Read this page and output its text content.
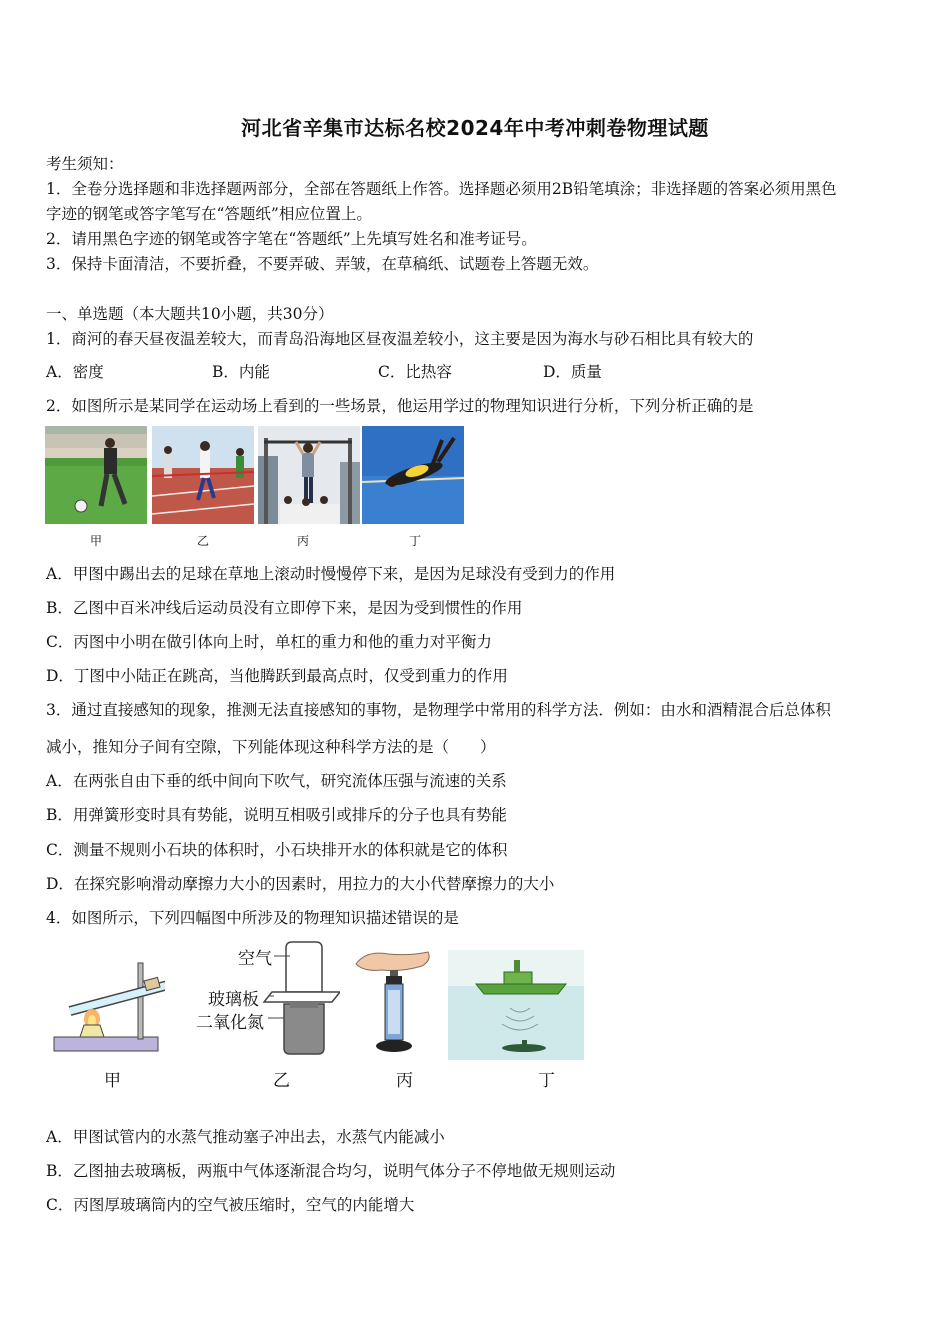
河北省辛集市达标名校2024年中考冲刺卷物理试题
考生须知：
1．全卷分选择题和非选择题两部分，全部在答题纸上作答。选择题必须用2B铅笔填涂；非选择题的答案必须用黑色
字迹的钢笔或答字笔写在“答题纸”相应位置上。
2．请用黑色字迹的钢笔或答字笔在“答题纸”上先填写姓名和准考证号。
3．保持卡面清洁，不要折叠，不要弄破、弄皱，在草稿纸、试题卷上答题无效。
一、单选题（本大题共10小题，共30分）
1．商河的春天昼夜温差较大，而青岛沿海地区昼夜温差较小，这主要是因为海水与砂石相比具有较大的
A．密度	B．内能	C．比热容	D．质量
2．如图所示是某同学在运动场上看到的一些场景，他运用学过的物理知识进行分析，下列分析正确的是
甲	乙	丙	丁
A．甲图中踢出去的足球在草地上滚动时慢慢停下来，是因为足球没有受到力的作用
B．乙图中百米冲线后运动员没有立即停下来，是因为受到惯性的作用
C．丙图中小明在做引体向上时，单杠的重力和他的重力对平衡力
D．丁图中小陆正在跳高，当他腾跃到最高点时，仅受到重力的作用
3．通过直接感知的现象，推测无法直接感知的事物，是物理学中常用的科学方法．例如：由水和酒精混合后总体积
减小，推知分子间有空隙，下列能体现这种科学方法的是（　　）
A．在两张自由下垂的纸中间向下吹气，研究流体压强与流速的关系
B．用弹簧形变时具有势能，说明互相吸引或排斥的分子也具有势能
C．测量不规则小石块的体积时，小石块排开水的体积就是它的体积
D．在探究影响滑动摩擦力大小的因素时，用拉力的大小代替摩擦力的大小
4．如图所示，下列四幅图中所涉及的物理知识描述错误的是
甲
空气
玻璃板
二氧化氮
乙	丙	丁
A．甲图试管内的水蒸气推动塞子冲出去，水蒸气内能减小
B．乙图抽去玻璃板，两瓶中气体逐渐混合均匀，说明气体分子不停地做无规则运动
C．丙图厚玻璃筒内的空气被压缩时，空气的内能增大
